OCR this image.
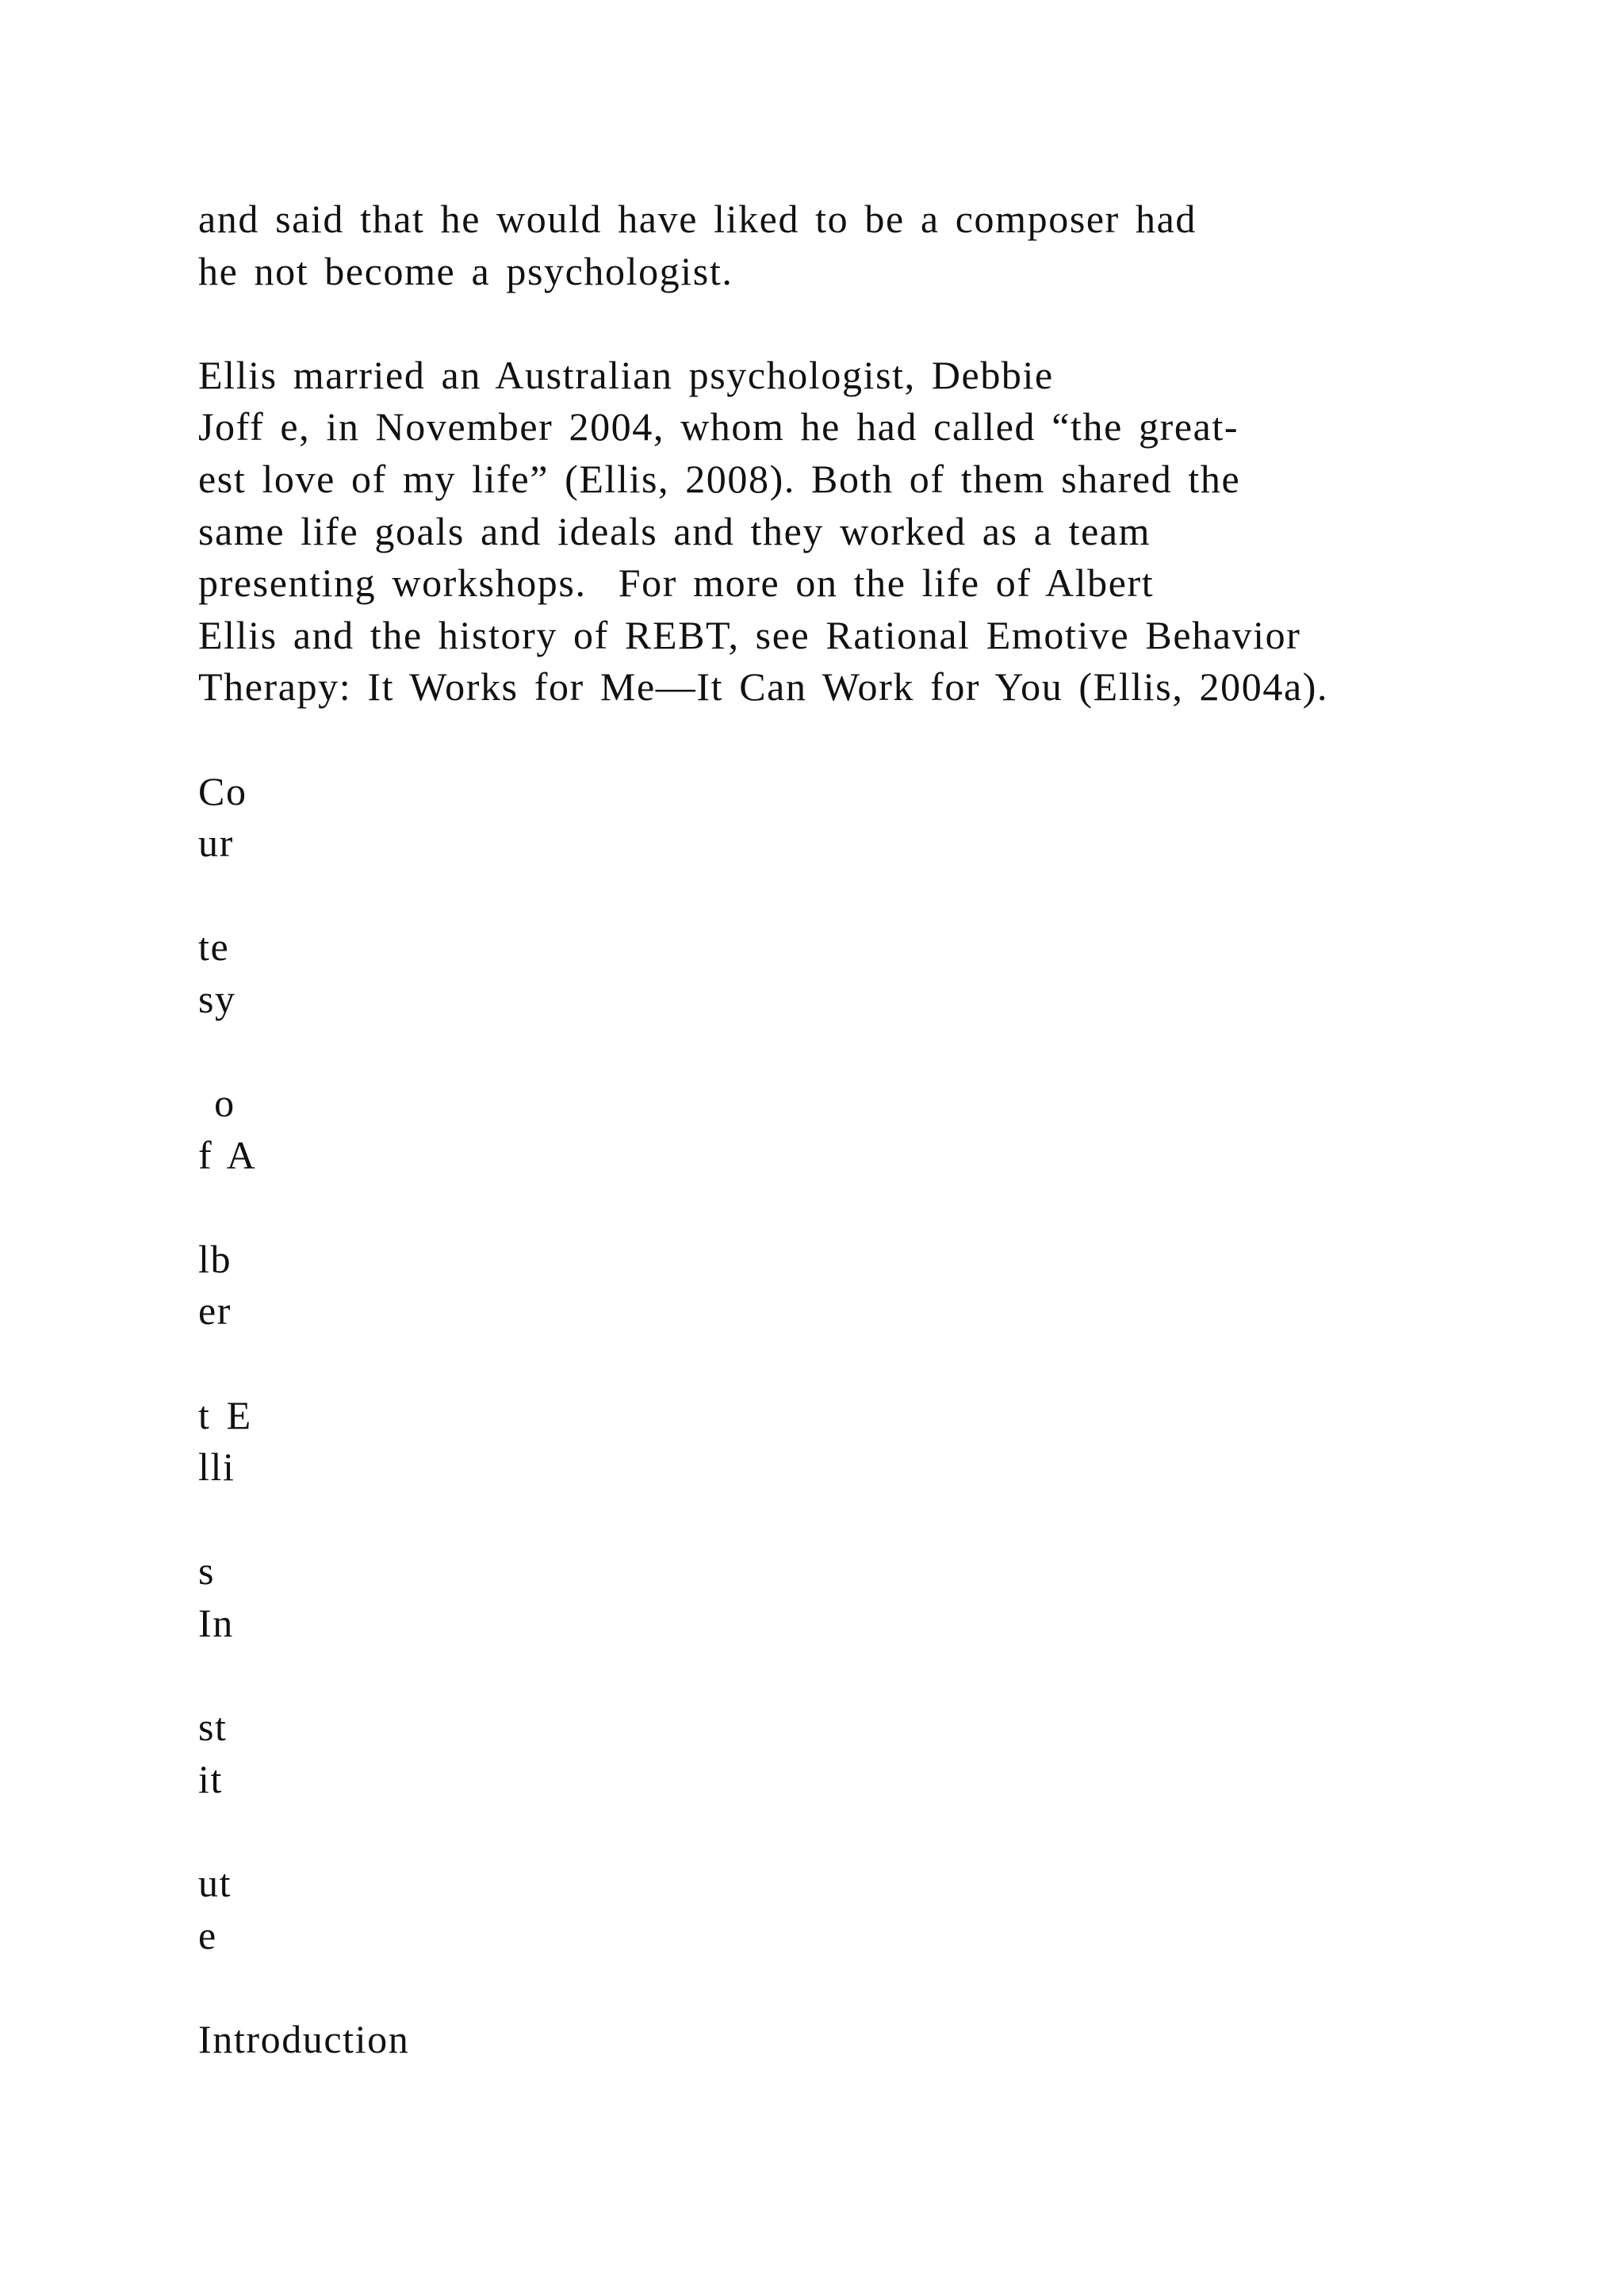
and said that he would have liked to be a composer had
he not become a psychologist.
Ellis married an Australian psychologist, Debbie
Joff e, in November 2004, whom he had called “the great-
est love of my life” (Ellis, 2008). Both of them shared the
same life goals and ideals and they worked as a team
presenting workshops.  For more on the life of Albert
Ellis and the history of REBT, see Rational Emotive Behavior
Therapy: It Works for Me—It Can Work for You (Ellis, 2004a).
Co
ur
te
sy
o
f A
lb
er
t E
lli
s
In
st
it
ut
e
Introduction
